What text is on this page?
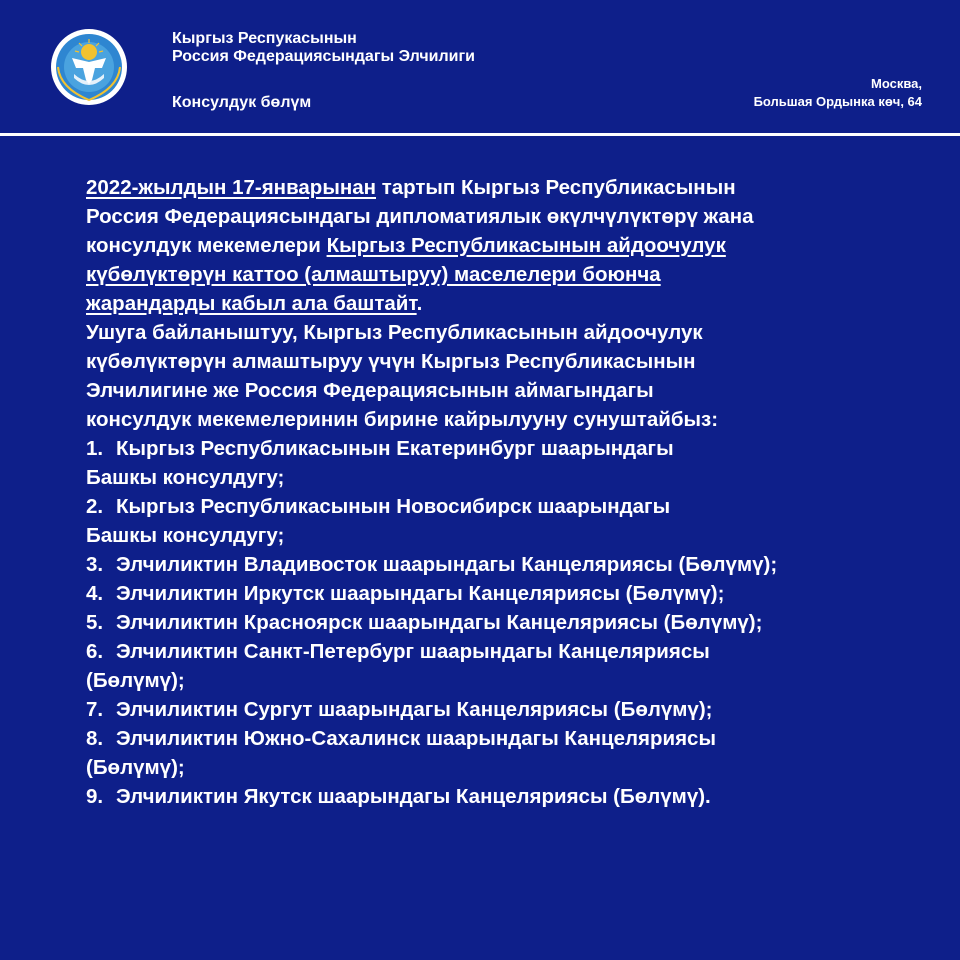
Кыргыз Респукасынын
Россия Федерациясындагы Элчилиги
Консулдук бөлүм
Москва,
Большая Ордынка көч, 64
2022-жылдын 17-январынан тартып Кыргыз Республикасынын
Россия Федерациясындагы дипломатиялык өкүлчүлүктөрү жана
консулдук мекемелери Кыргыз Республикасынын айдоочулук
күбөлүктөрүн каттоо (алмаштыруу) маселелери боюнча
жарандарды кабыл ала баштайт.
Ушуга байланыштуу, Кыргыз Республикасынын айдоочулук
күбөлүктөрүн алмаштыруу үчүн Кыргыз Республикасынын
Элчилигине же Россия Федерациясынын аймагындагы
консулдук мекемелеринин бирине кайрылууну сунуштайбыз:
1. Кыргыз Республикасынын Екатеринбург шаарындагы
Башкы консулдугу;
2. Кыргыз Республикасынын Новосибирск шаарындагы
Башкы консулдугу;
3. Элчиликтин Владивосток шаарындагы Канцеляриясы (Бөлүмү);
4. Элчиликтин Иркутск шаарындагы Канцеляриясы (Бөлүмү);
5. Элчиликтин Красноярск шаарындагы Канцеляриясы (Бөлүмү);
6. Элчиликтин Санкт-Петербург шаарындагы Канцеляриясы
(Бөлүмү);
7. Элчиликтин Сургут шаарындагы Канцеляриясы (Бөлүмү);
8. Элчиликтин Южно-Сахалинск шаарындагы Канцеляриясы
(Бөлүмү);
9. Элчиликтин Якутск шаарындагы Канцеляриясы (Бөлүмү).
